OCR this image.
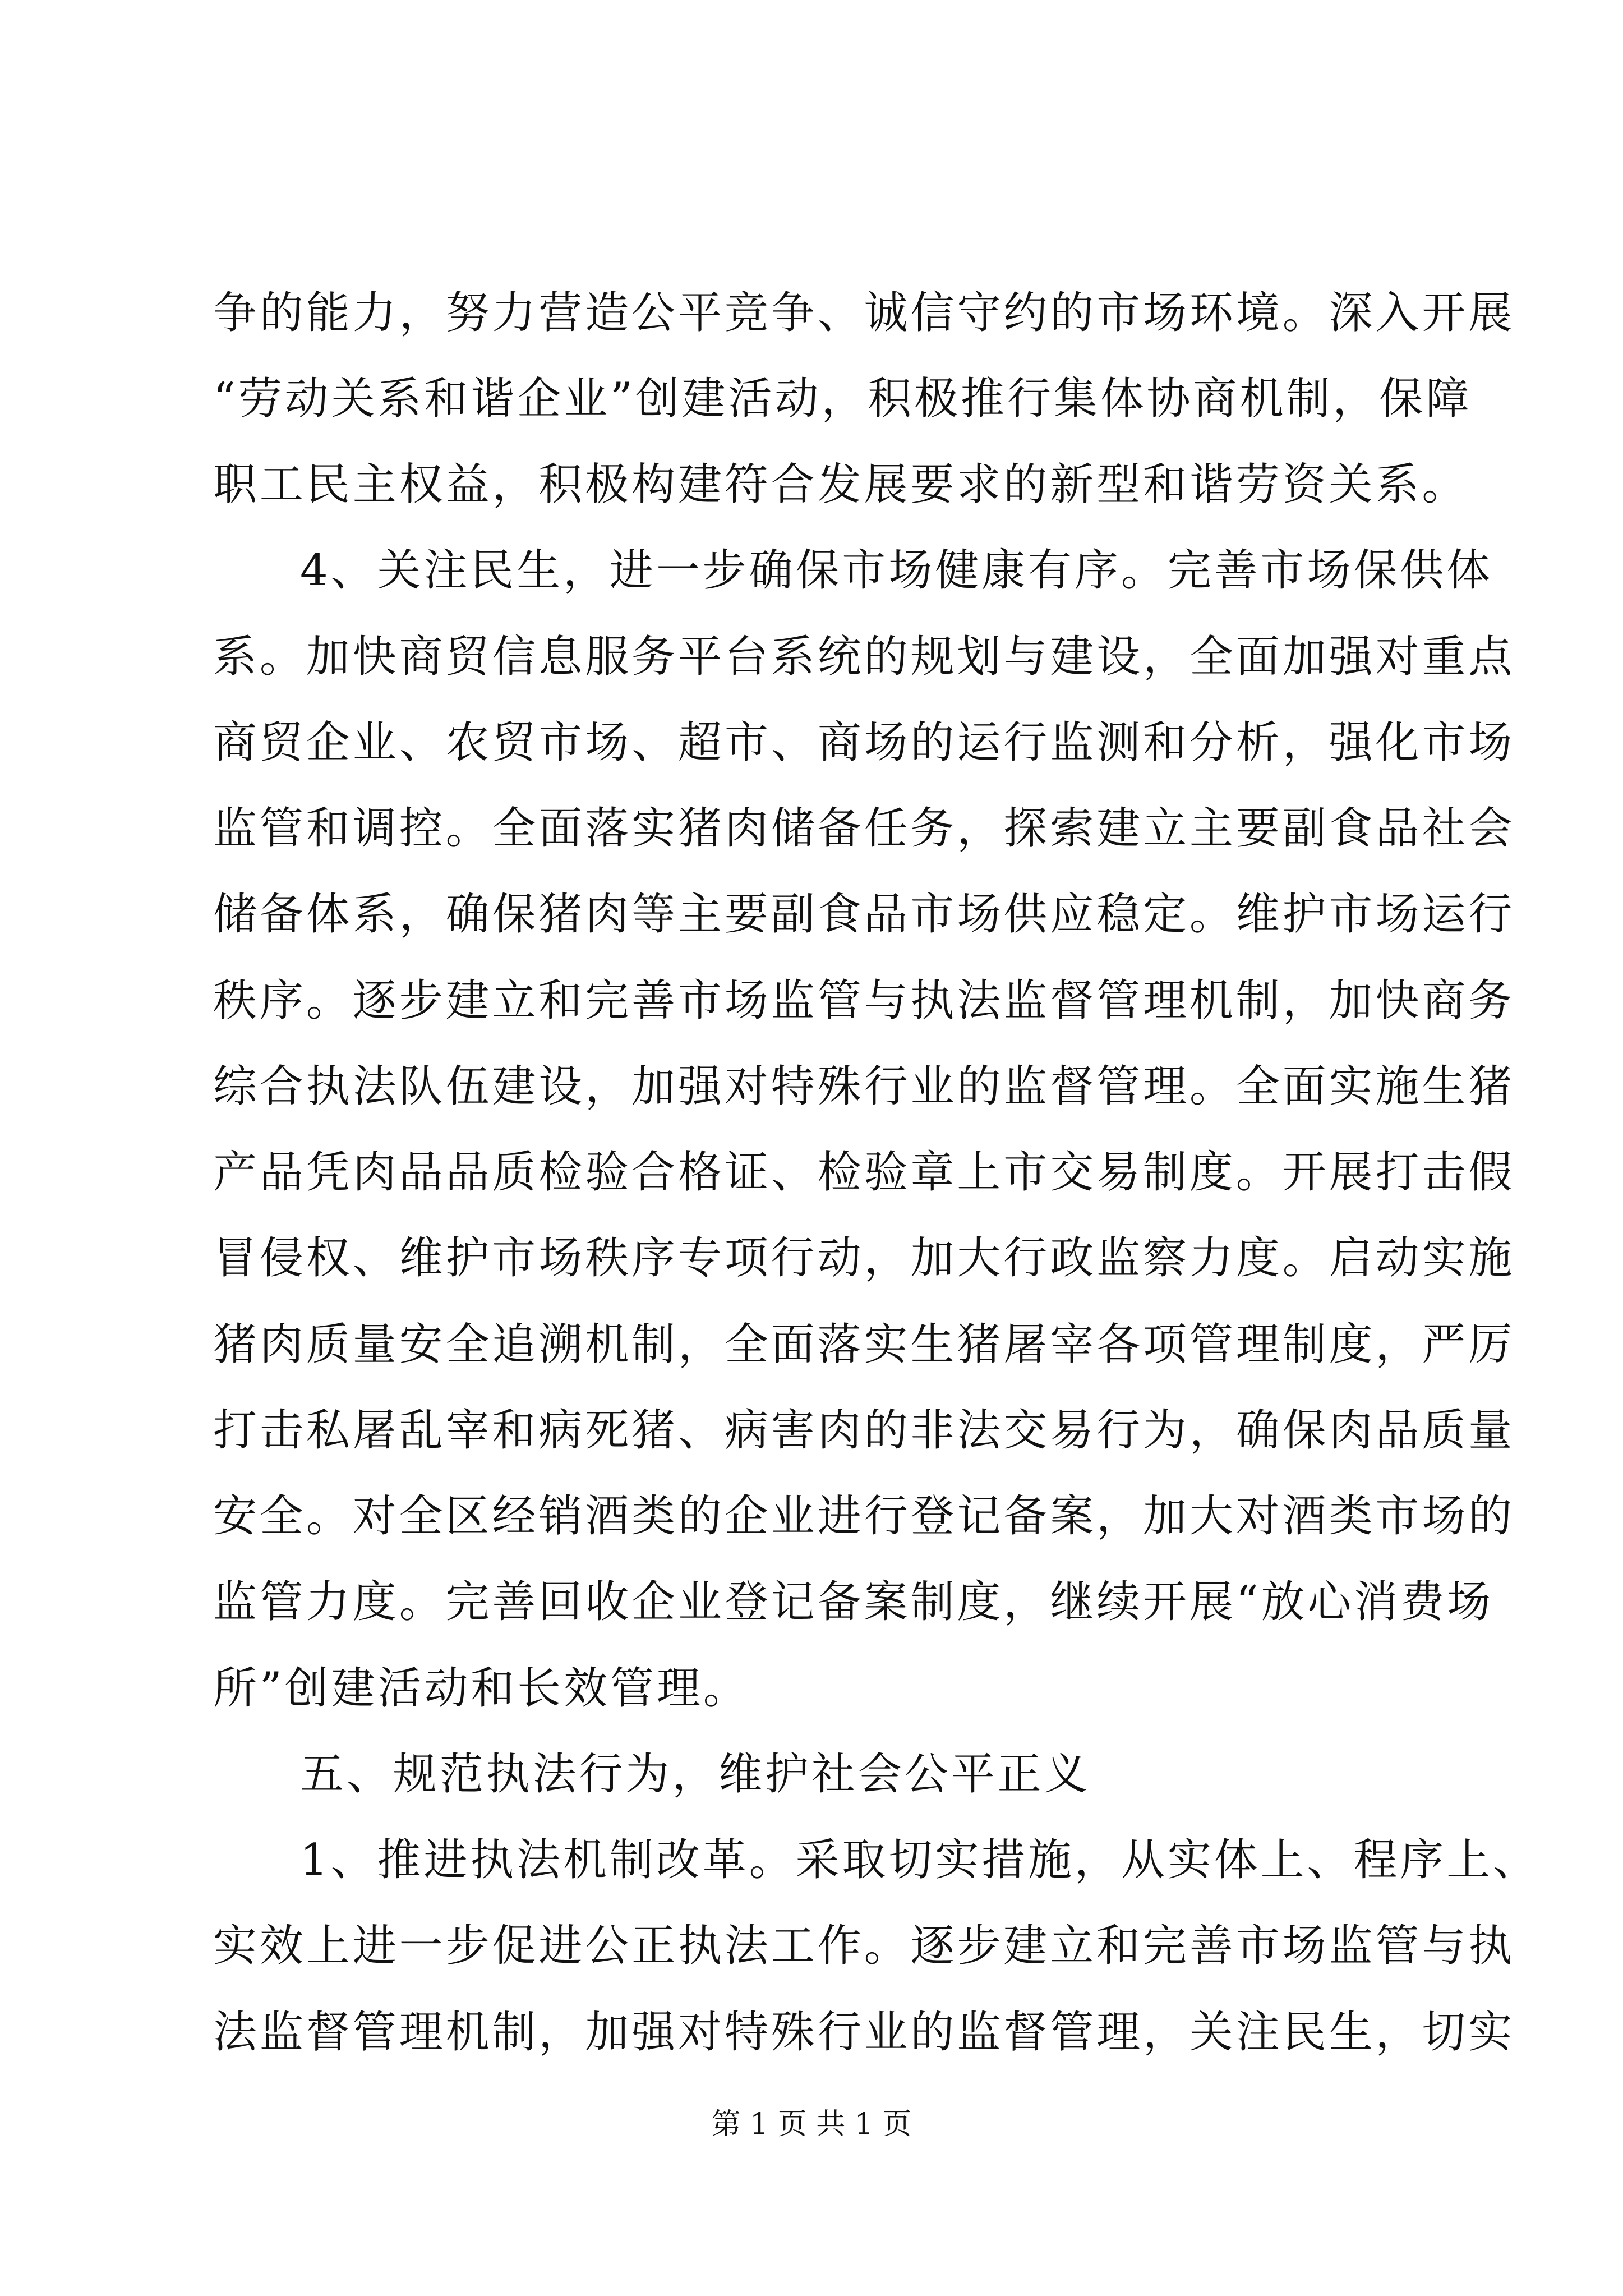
争的能力，努力营造公平竞争、诚信守约的市场环境。深入开展
“劳动关系和谐企业”创建活动，积极推行集体协商机制，保障
职工民主权益，积极构建符合发展要求的新型和谐劳资关系。
4、关注民生，进一步确保市场健康有序。完善市场保供体
系。加快商贸信息服务平台系统的规划与建设，全面加强对重点
商贸企业、农贸市场、超市、商场的运行监测和分析，强化市场
监管和调控。全面落实猪肉储备任务，探索建立主要副食品社会
储备体系，确保猪肉等主要副食品市场供应稳定。维护市场运行
秩序。逐步建立和完善市场监管与执法监督管理机制，加快商务
综合执法队伍建设，加强对特殊行业的监督管理。全面实施生猪
产品凭肉品品质检验合格证、检验章上市交易制度。开展打击假
冒侵权、维护市场秩序专项行动，加大行政监察力度。启动实施
猪肉质量安全追溯机制，全面落实生猪屠宰各项管理制度，严厉
打击私屠乱宰和病死猪、病害肉的非法交易行为，确保肉品质量
安全。对全区经销酒类的企业进行登记备案，加大对酒类市场的
监管力度。完善回收企业登记备案制度，继续开展“放心消费场
所”创建活动和长效管理。
五、规范执法行为，维护社会公平正义
1、推进执法机制改革。采取切实措施，从实体上、程序上、
实效上进一步促进公正执法工作。逐步建立和完善市场监管与执
法监督管理机制，加强对特殊行业的监督管理，关注民生，切实
第 1 页 共 1 页
